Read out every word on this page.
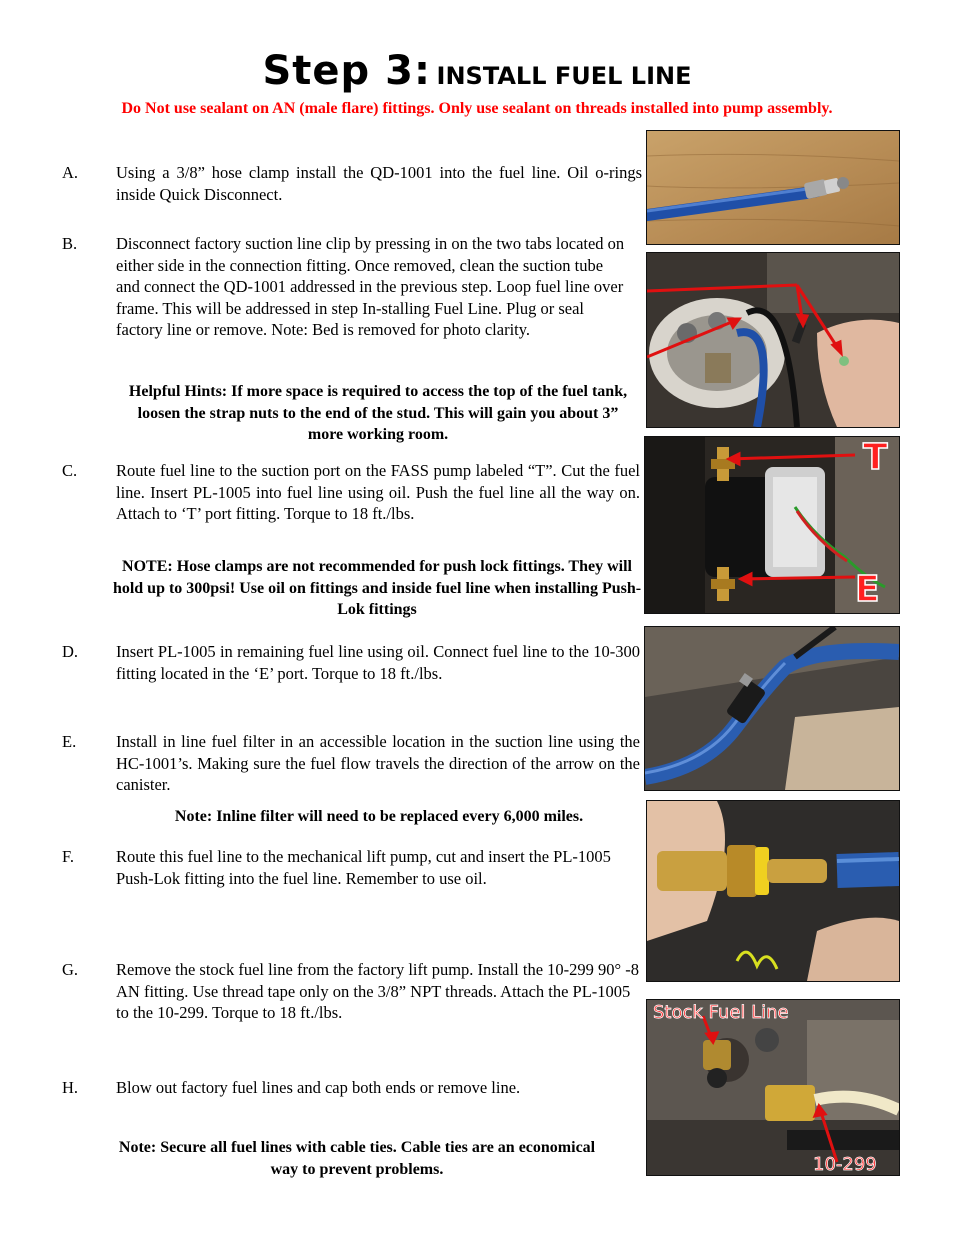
Step 3: INSTALL FUEL LINE
Do Not use sealant on AN (male flare) fittings. Only use sealant on threads installed into pump assembly.
A. Using a 3/8” hose clamp install the QD-1001 into the fuel line. Oil o-rings inside Quick Disconnect.
B. Disconnect factory suction line clip by pressing in on the two tabs located on either side in the connection fitting. Once removed, clean the suction tube and connect the QD-1001 addressed in the previous step. Loop fuel line over frame. This will be addressed in step In-stalling Fuel Line. Plug or seal factory line or remove. Note: Bed is removed for photo clarity.
Helpful Hints: If more space is required to access the top of the fuel tank, loosen the strap nuts to the end of the stud. This will gain you about 3” more working room.
C. Route fuel line to the suction port on the FASS pump labeled “T”. Cut the fuel line. Insert PL-1005 into fuel line using oil. Push the fuel line all the way on. Attach to ‘T’ port fitting. Torque to 18 ft./lbs.
NOTE: Hose clamps are not recommended for push lock fittings. They will hold up to 300psi! Use oil on fittings and inside fuel line when installing Push-Lok fittings
D. Insert PL-1005 in remaining fuel line using oil. Connect fuel line to the 10-300 fitting located in the ‘E’ port. Torque to 18 ft./lbs.
E. Install in line fuel filter in an accessible location in the suction line using the HC-1001’s. Making sure the fuel flow travels the direction of the arrow on the canister.
Note: Inline filter will need to be replaced every 6,000 miles.
F.	Route this fuel line to the mechanical lift pump, cut and insert the PL-1005 Push-Lok fitting into the fuel line. Remember to use oil.
G. Remove the stock fuel line from the factory lift pump. Install the 10-299 90° -8 AN fitting. Use thread tape only on the 3/8” NPT threads. Attach the PL-1005 to the 10-299. Torque to 18 ft./lbs.
H. Blow out factory fuel lines and cap both ends or remove line.
Note: Secure all fuel lines with cable ties. Cable ties are an economical way to prevent problems.
T
E
Stock Fuel Line
10-299
